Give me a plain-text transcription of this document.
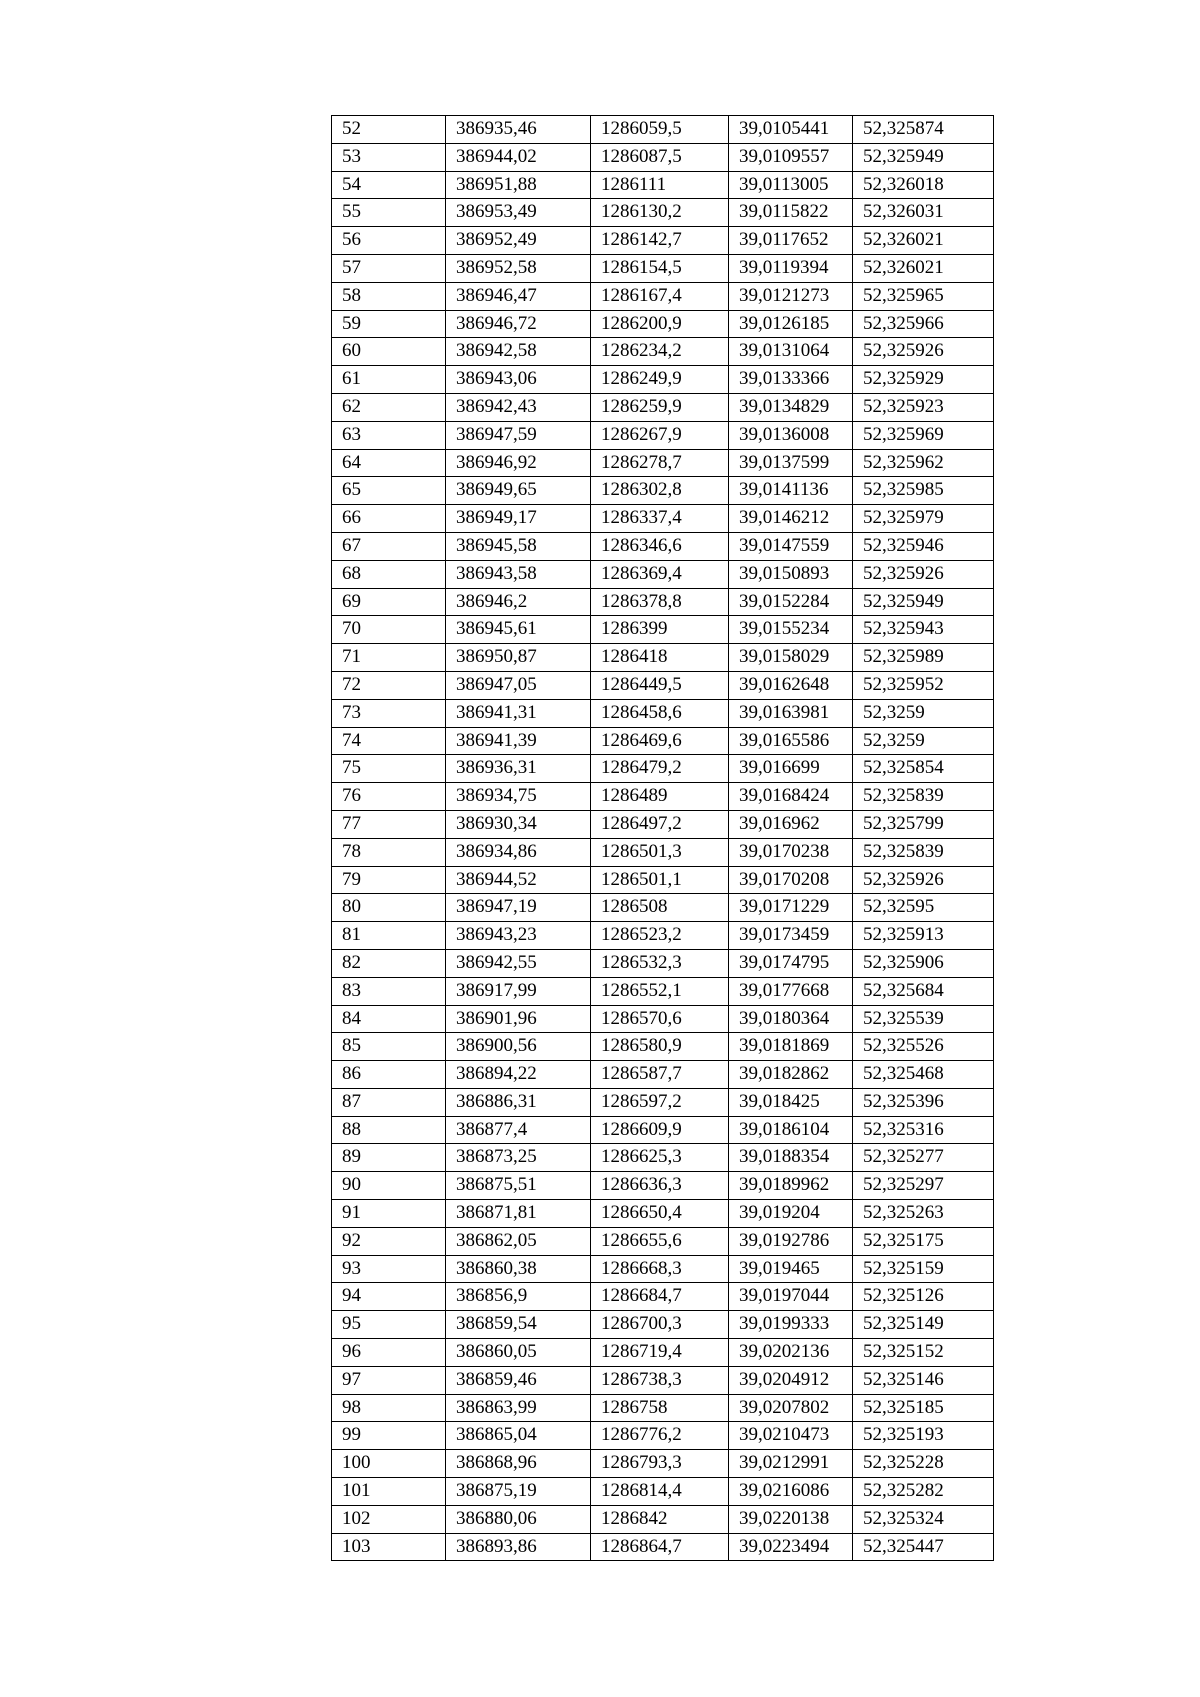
52	386935,46	1286059,5	39,0105441	52,325874
53	386944,02	1286087,5	39,0109557	52,325949
54	386951,88	1286111	39,0113005	52,326018
55	386953,49	1286130,2	39,0115822	52,326031
56	386952,49	1286142,7	39,0117652	52,326021
57	386952,58	1286154,5	39,0119394	52,326021
58	386946,47	1286167,4	39,0121273	52,325965
59	386946,72	1286200,9	39,0126185	52,325966
60	386942,58	1286234,2	39,0131064	52,325926
61	386943,06	1286249,9	39,0133366	52,325929
62	386942,43	1286259,9	39,0134829	52,325923
63	386947,59	1286267,9	39,0136008	52,325969
64	386946,92	1286278,7	39,0137599	52,325962
65	386949,65	1286302,8	39,0141136	52,325985
66	386949,17	1286337,4	39,0146212	52,325979
67	386945,58	1286346,6	39,0147559	52,325946
68	386943,58	1286369,4	39,0150893	52,325926
69	386946,2	1286378,8	39,0152284	52,325949
70	386945,61	1286399	39,0155234	52,325943
71	386950,87	1286418	39,0158029	52,325989
72	386947,05	1286449,5	39,0162648	52,325952
73	386941,31	1286458,6	39,0163981	52,3259
74	386941,39	1286469,6	39,0165586	52,3259
75	386936,31	1286479,2	39,016699	52,325854
76	386934,75	1286489	39,0168424	52,325839
77	386930,34	1286497,2	39,016962	52,325799
78	386934,86	1286501,3	39,0170238	52,325839
79	386944,52	1286501,1	39,0170208	52,325926
80	386947,19	1286508	39,0171229	52,32595
81	386943,23	1286523,2	39,0173459	52,325913
82	386942,55	1286532,3	39,0174795	52,325906
83	386917,99	1286552,1	39,0177668	52,325684
84	386901,96	1286570,6	39,0180364	52,325539
85	386900,56	1286580,9	39,0181869	52,325526
86	386894,22	1286587,7	39,0182862	52,325468
87	386886,31	1286597,2	39,018425	52,325396
88	386877,4	1286609,9	39,0186104	52,325316
89	386873,25	1286625,3	39,0188354	52,325277
90	386875,51	1286636,3	39,0189962	52,325297
91	386871,81	1286650,4	39,019204	52,325263
92	386862,05	1286655,6	39,0192786	52,325175
93	386860,38	1286668,3	39,019465	52,325159
94	386856,9	1286684,7	39,0197044	52,325126
95	386859,54	1286700,3	39,0199333	52,325149
96	386860,05	1286719,4	39,0202136	52,325152
97	386859,46	1286738,3	39,0204912	52,325146
98	386863,99	1286758	39,0207802	52,325185
99	386865,04	1286776,2	39,0210473	52,325193
100	386868,96	1286793,3	39,0212991	52,325228
101	386875,19	1286814,4	39,0216086	52,325282
102	386880,06	1286842	39,0220138	52,325324
103	386893,86	1286864,7	39,0223494	52,325447
